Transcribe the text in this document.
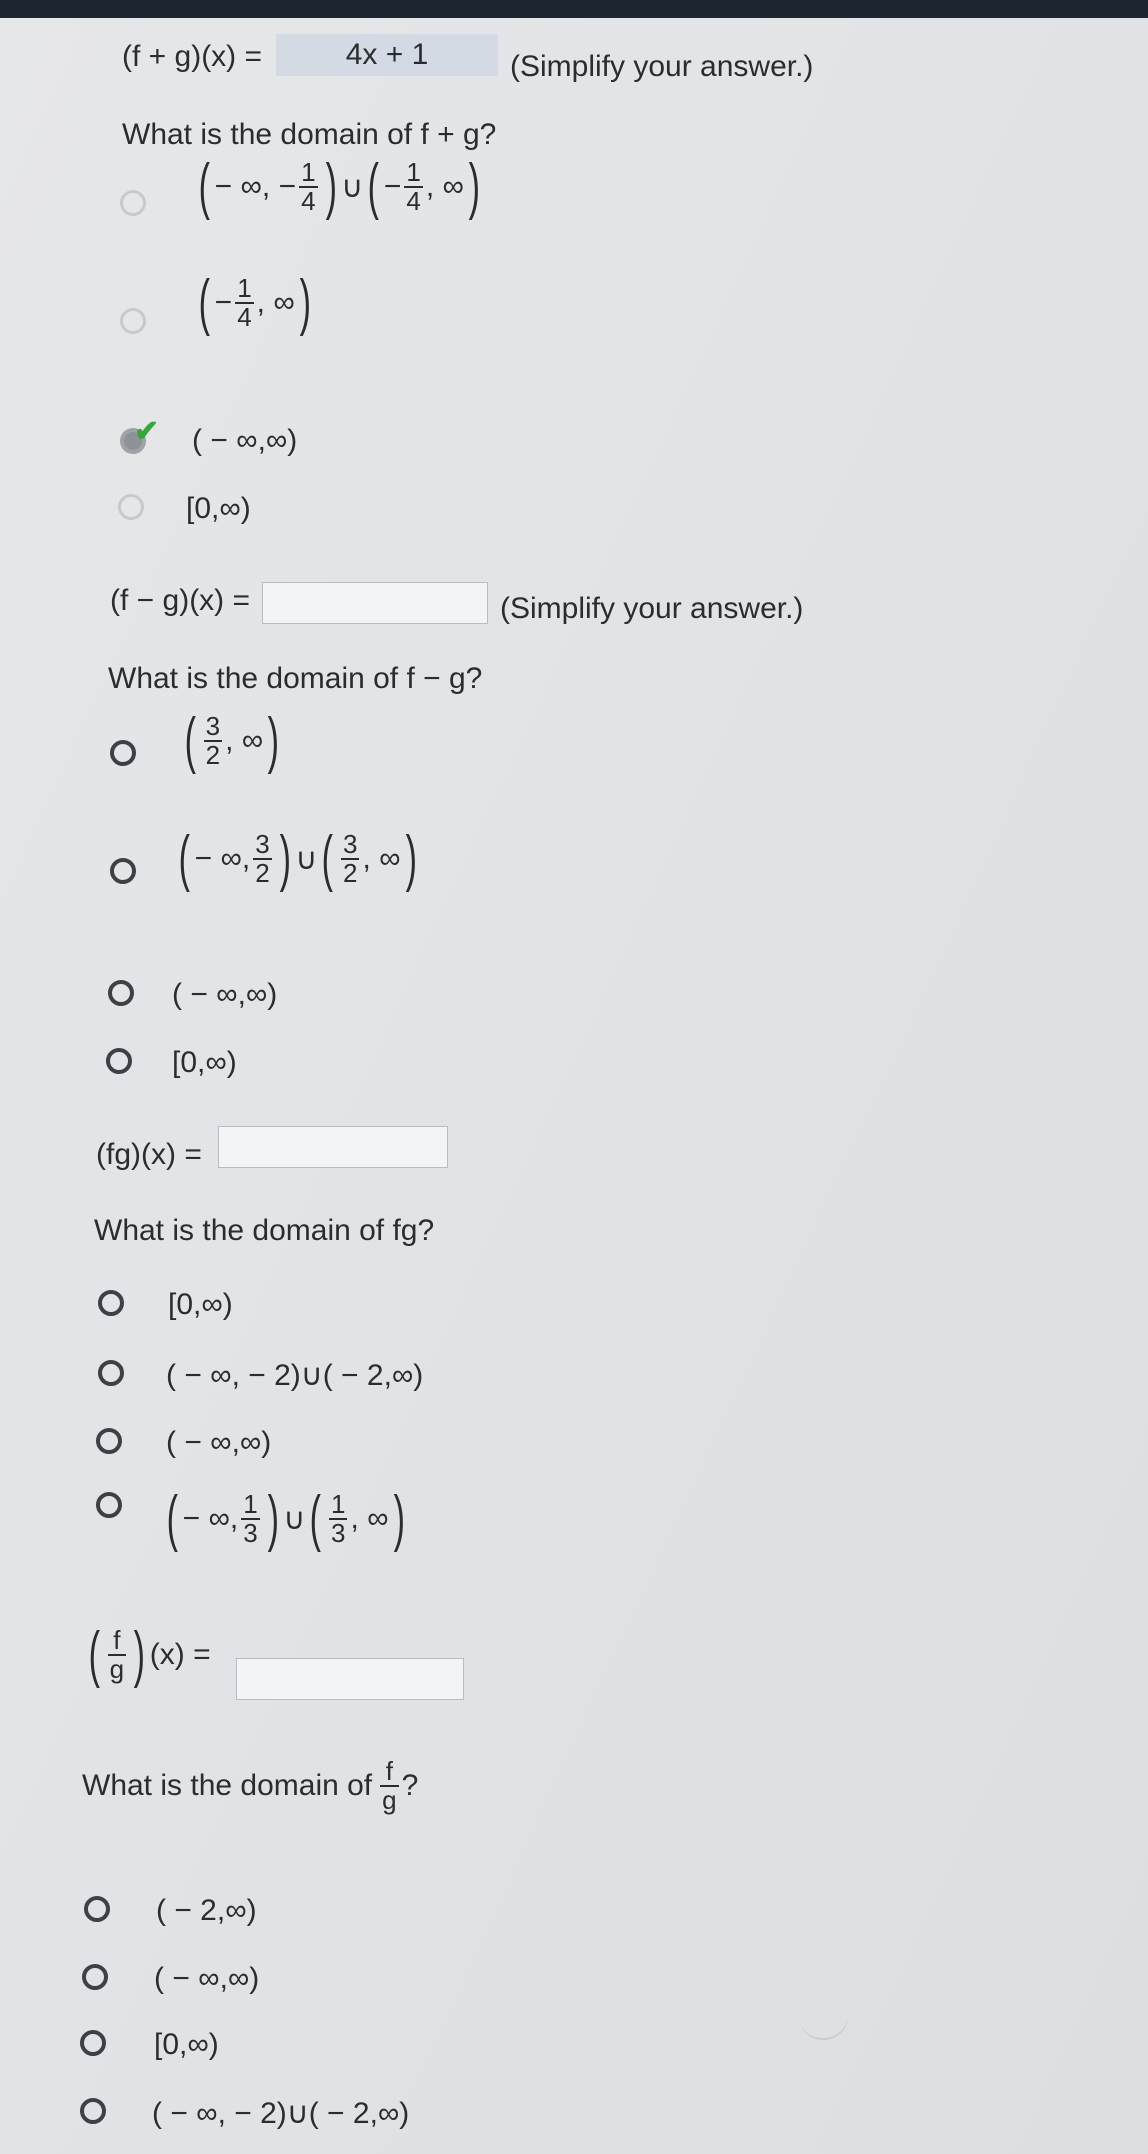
(f + g)(x) =
4x + 1	(Simplify your answer.)
What is the domain of f + g?
( − ∞, − $\frac{1}{4}$ ) ∪ ( − $\frac{1}{4}$ , ∞ )
( − $\frac{1}{4}$ , ∞ )
✔ ( − ∞,∞)
[0,∞)
(f − g)(x) =	(Simplify your answer.)
What is the domain of f − g?
( $\frac{3}{2}$ , ∞ )
( − ∞, $\frac{3}{2}$ ) ∪ ( $\frac{3}{2}$ , ∞ )
( − ∞,∞)
[0,∞)
(fg)(x) =
What is the domain of fg?
[0,∞)
( − ∞, − 2)∪( − 2,∞)
( − ∞,∞)
( − ∞, $\frac{1}{3}$ ) ∪ ( $\frac{1}{3}$ , ∞ )
( $\frac{f}{g}$ ) (x) =
What is the domain of $\frac{f}{g}$ ?
( − 2,∞)
( − ∞,∞)
[0,∞)
( − ∞, − 2)∪( − 2,∞)
